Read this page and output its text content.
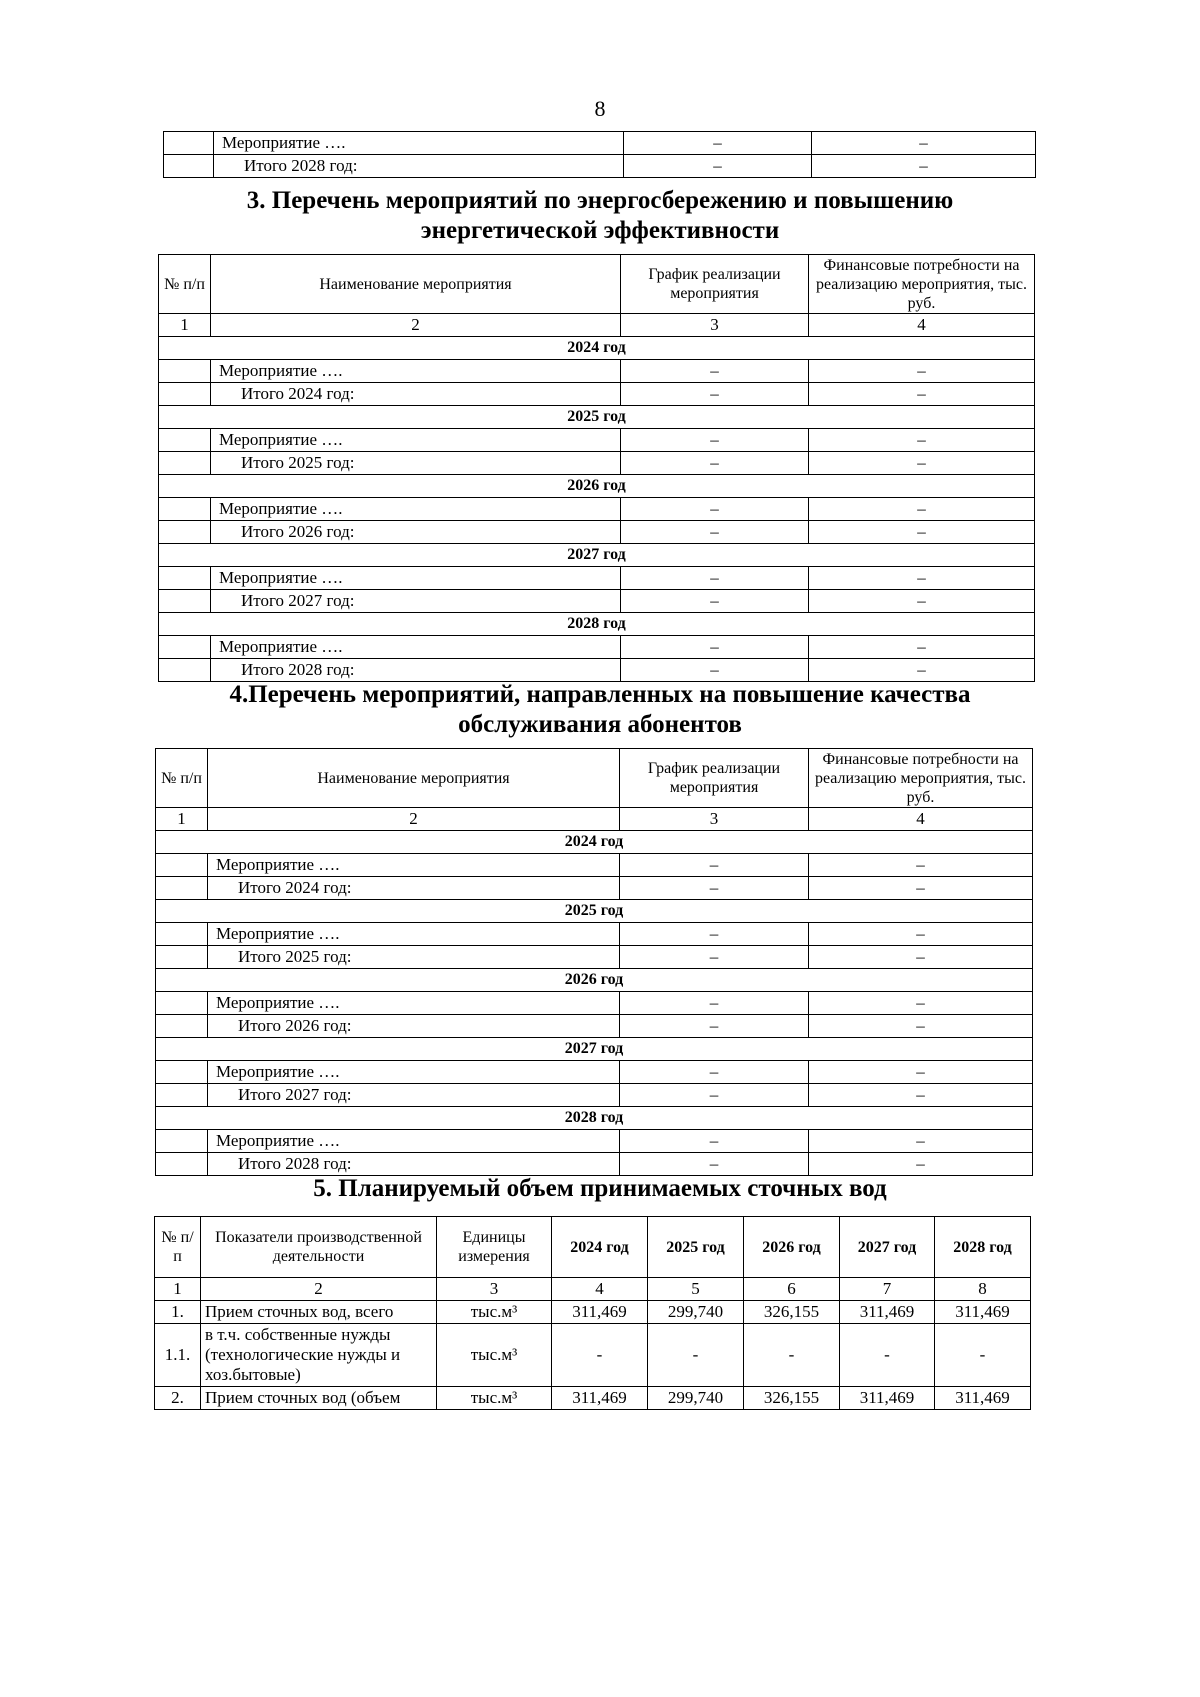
8
	Мероприятие ….	–	–
	Итого 2028 год:	–	–
3. Перечень мероприятий по энергосбережению и повышению
энергетической эффективности
№ п/п	Наименование мероприятия	График реализации мероприятия	Финансовые потребности на реализацию мероприятия, тыс. руб.
1	2	3	4
2024 год			
	Мероприятие ….	–	–
	Итого 2024 год:	–	–
2025 год			
	Мероприятие ….	–	–
	Итого 2025 год:	–	–
2026 год			
	Мероприятие ….	–	–
	Итого 2026 год:	–	–
2027 год			
	Мероприятие ….	–	–
	Итого 2027 год:	–	–
2028 год			
	Мероприятие ….	–	–
	Итого 2028 год:	–	–
4.Перечень мероприятий, направленных на повышение качества
обслуживания абонентов
№ п/п	Наименование мероприятия	График реализации мероприятия	Финансовые потребности на реализацию мероприятия, тыс. руб.
1	2	3	4
2024 год			
	Мероприятие ….	–	–
	Итого 2024 год:	–	–
2025 год			
	Мероприятие ….	–	–
	Итого 2025 год:	–	–
2026 год			
	Мероприятие ….	–	–
	Итого 2026 год:	–	–
2027 год			
	Мероприятие ….	–	–
	Итого 2027 год:	–	–
2028 год			
	Мероприятие ….	–	–
	Итого 2028 год:	–	–
5. Планируемый объем принимаемых сточных вод
№ п/п	Показатели производственной деятельности	Единицы измерения	2024 год	2025 год	2026 год	2027 год	2028 год
1	2	3	4	5	6	7	8
1.	Прием сточных вод, всего	тыс.м³	311,469	299,740	326,155	311,469	311,469
1.1.	в т.ч. собственные нужды (технологические нужды и хоз.бытовые)	тыс.м³	-	-	-	-	-
2.	Прием сточных вод (объем	тыс.м³	311,469	299,740	326,155	311,469	311,469
